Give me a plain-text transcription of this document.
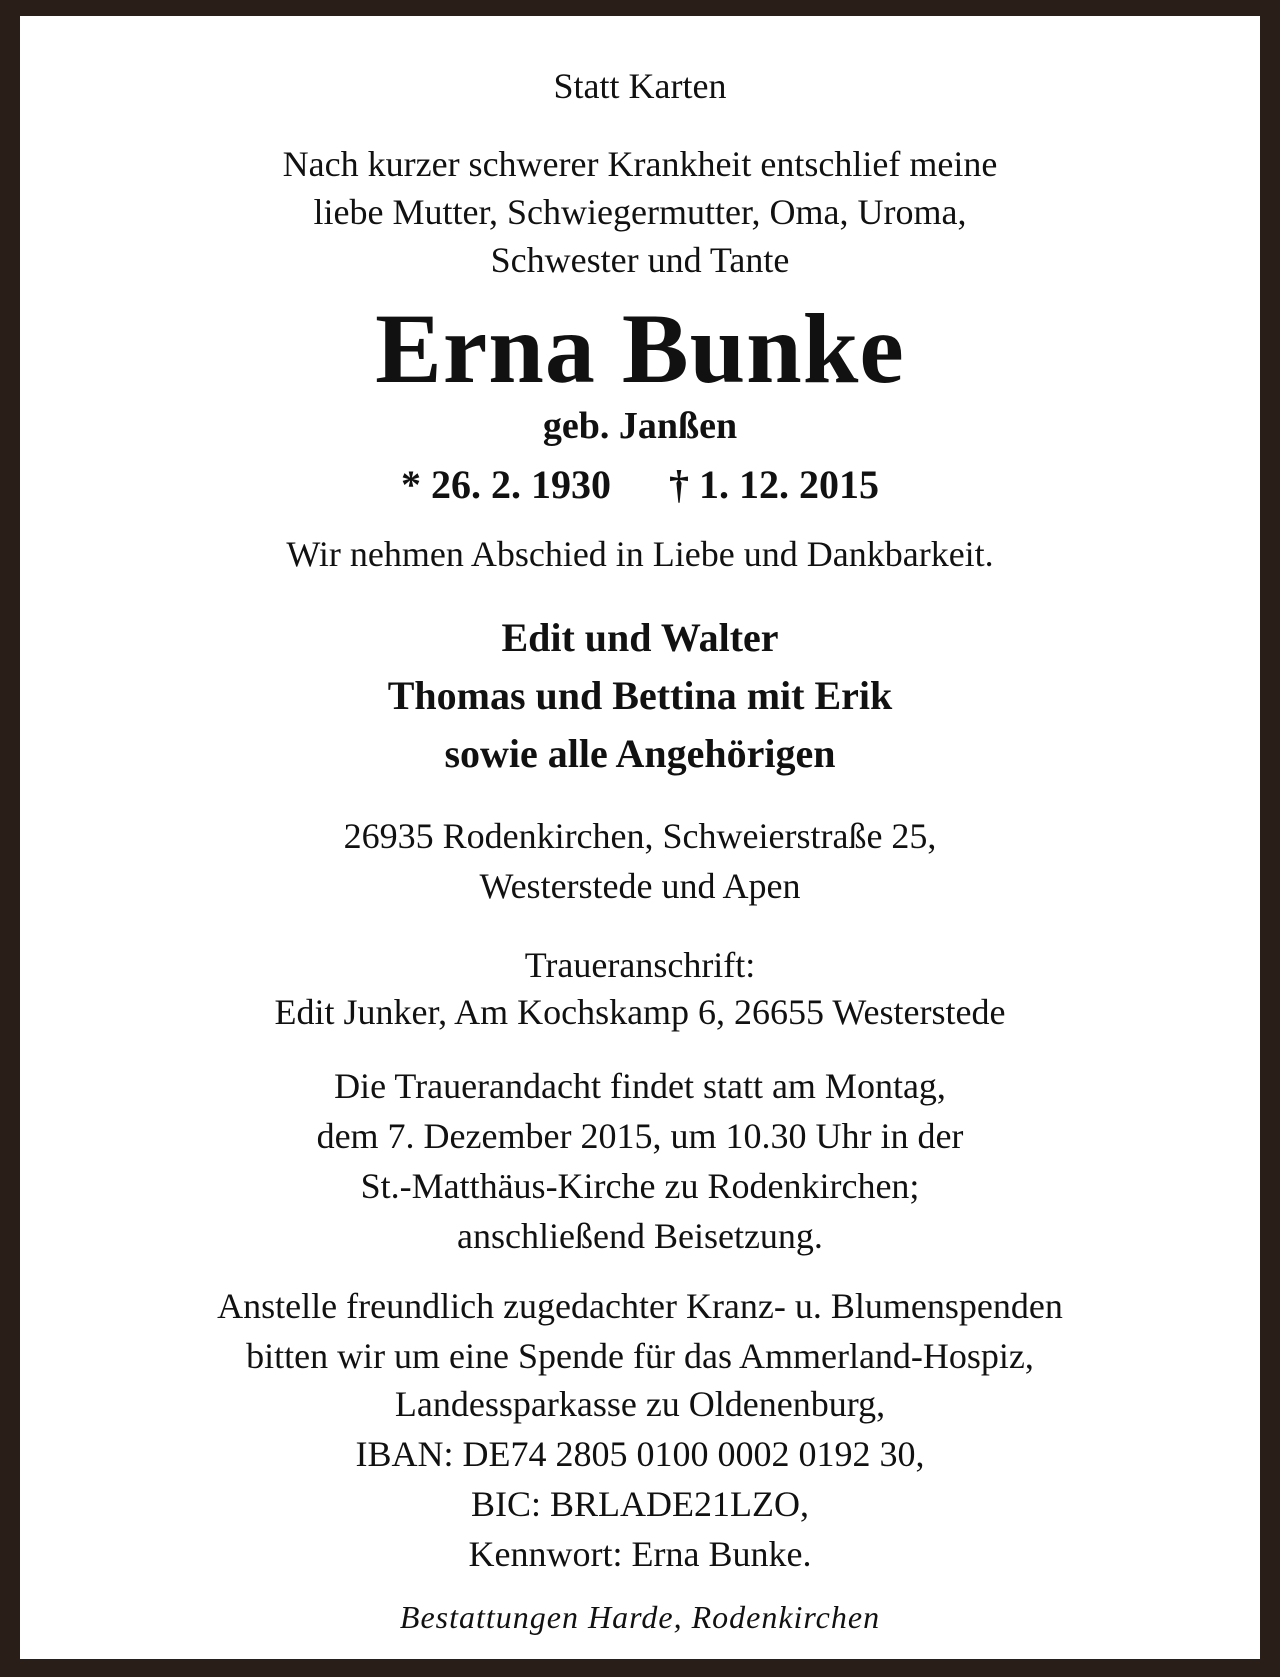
Statt Karten
Nach kurzer schwerer Krankheit entschlief meine
liebe Mutter, Schwiegermutter, Oma, Uroma,
Schwester und Tante
Erna Bunke
geb. Janßen
* 26. 2. 1930 † 1. 12. 2015
Wir nehmen Abschied in Liebe und Dankbarkeit.
Edit und Walter
Thomas und Bettina mit Erik
sowie alle Angehörigen
26935 Rodenkirchen, Schweierstraße 25,
Westerstede und Apen
Traueranschrift:
Edit Junker, Am Kochskamp 6, 26655 Westerstede
Die Trauerandacht findet statt am Montag,
dem 7. Dezember 2015, um 10.30 Uhr in der
St.-Matthäus-Kirche zu Rodenkirchen;
anschließend Beisetzung.
Anstelle freundlich zugedachter Kranz- u. Blumenspenden
bitten wir um eine Spende für das Ammerland-Hospiz,
Landessparkasse zu Oldenenburg,
IBAN: DE74 2805 0100 0002 0192 30,
BIC: BRLADE21LZO,
Kennwort: Erna Bunke.
Bestattungen Harde, Rodenkirchen
